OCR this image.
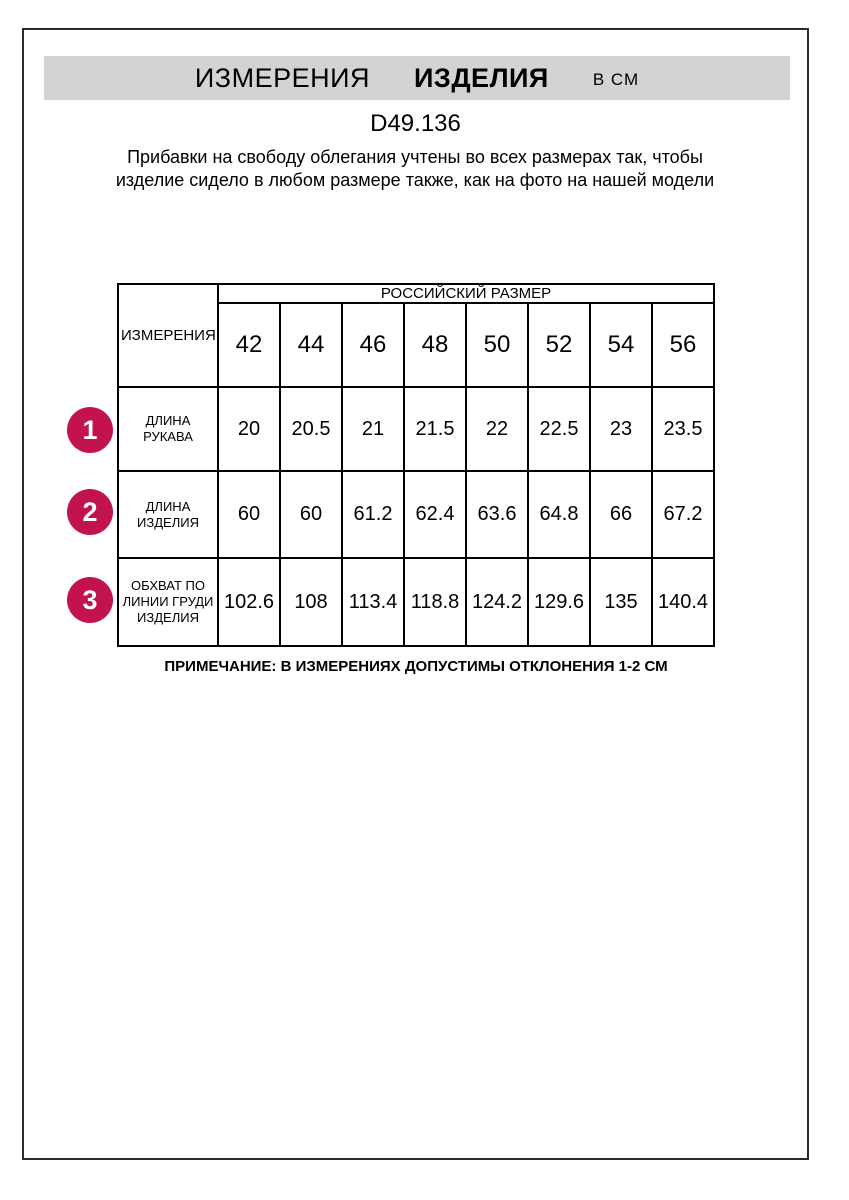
ИЗМЕРЕНИЯ ИЗДЕЛИЯ	В СМ
D49.136
Прибавки на свободу облегания учтены во всех размерах так, чтобы изделие сидело в любом размере также, как на фото на нашей модели
ИЗМЕРЕНИЯ	РОССИЙСКИЙ РАЗМЕР							
	42	44	46	48	50	52	54	56
ДЛИНА РУКАВА	20	20.5	21	21.5	22	22.5	23	23.5
ДЛИНА ИЗДЕЛИЯ	60	60	61.2	62.4	63.6	64.8	66	67.2
ОБХВАТ ПО ЛИНИИ ГРУДИ ИЗДЕЛИЯ	102.6	108	113.4	118.8	124.2	129.6	135	140.4
1
2
3
ПРИМЕЧАНИЕ: В ИЗМЕРЕНИЯХ ДОПУСТИМЫ ОТКЛОНЕНИЯ 1-2 СМ
